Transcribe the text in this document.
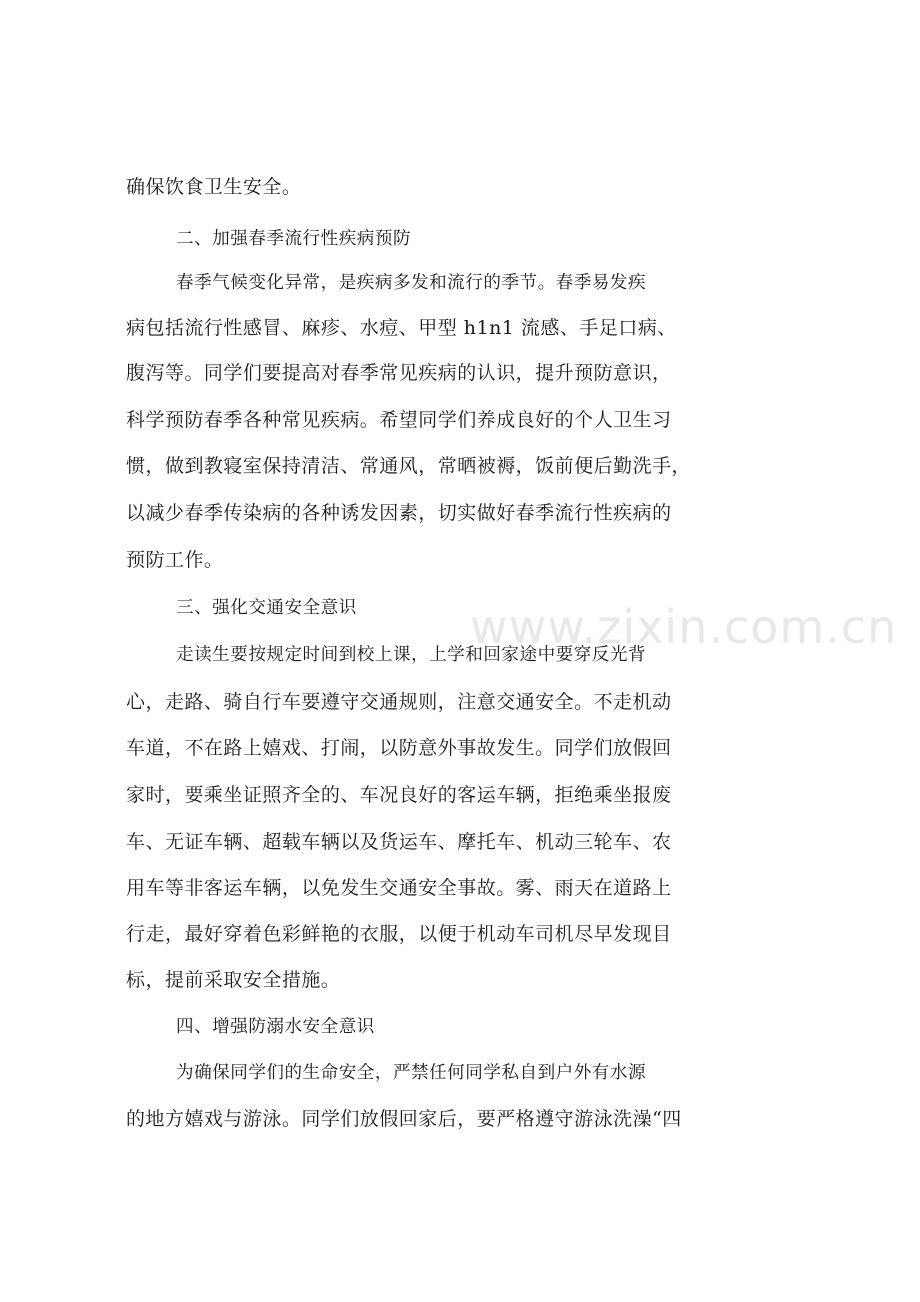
确保饮食卫生安全。
二、加强春季流行性疾病预防
春季气候变化异常，是疾病多发和流行的季节。春季易发疾
病包括流行性感冒、麻疹、水痘、甲型 h1n1 流感、手足口病、
腹泻等。同学们要提高对春季常见疾病的认识，提升预防意识，
科学预防春季各种常见疾病。希望同学们养成良好的个人卫生习
惯，做到教寝室保持清洁、常通风，常晒被褥，饭前便后勤洗手，
以减少春季传染病的各种诱发因素，切实做好春季流行性疾病的
预防工作。
三、强化交通安全意识
走读生要按规定时间到校上课，上学和回家途中要穿反光背
心，走路、骑自行车要遵守交通规则，注意交通安全。不走机动
车道，不在路上嬉戏、打闹，以防意外事故发生。同学们放假回
家时，要乘坐证照齐全的、车况良好的客运车辆，拒绝乘坐报废
车、无证车辆、超载车辆以及货运车、摩托车、机动三轮车、农
用车等非客运车辆，以免发生交通安全事故。雾、雨天在道路上
行走，最好穿着色彩鲜艳的衣服，以便于机动车司机尽早发现目
标，提前采取安全措施。
四、增强防溺水安全意识
为确保同学们的生命安全，严禁任何同学私自到户外有水源
的地方嬉戏与游泳。同学们放假回家后，要严格遵守游泳洗澡“四
www.zixin.com.cn
